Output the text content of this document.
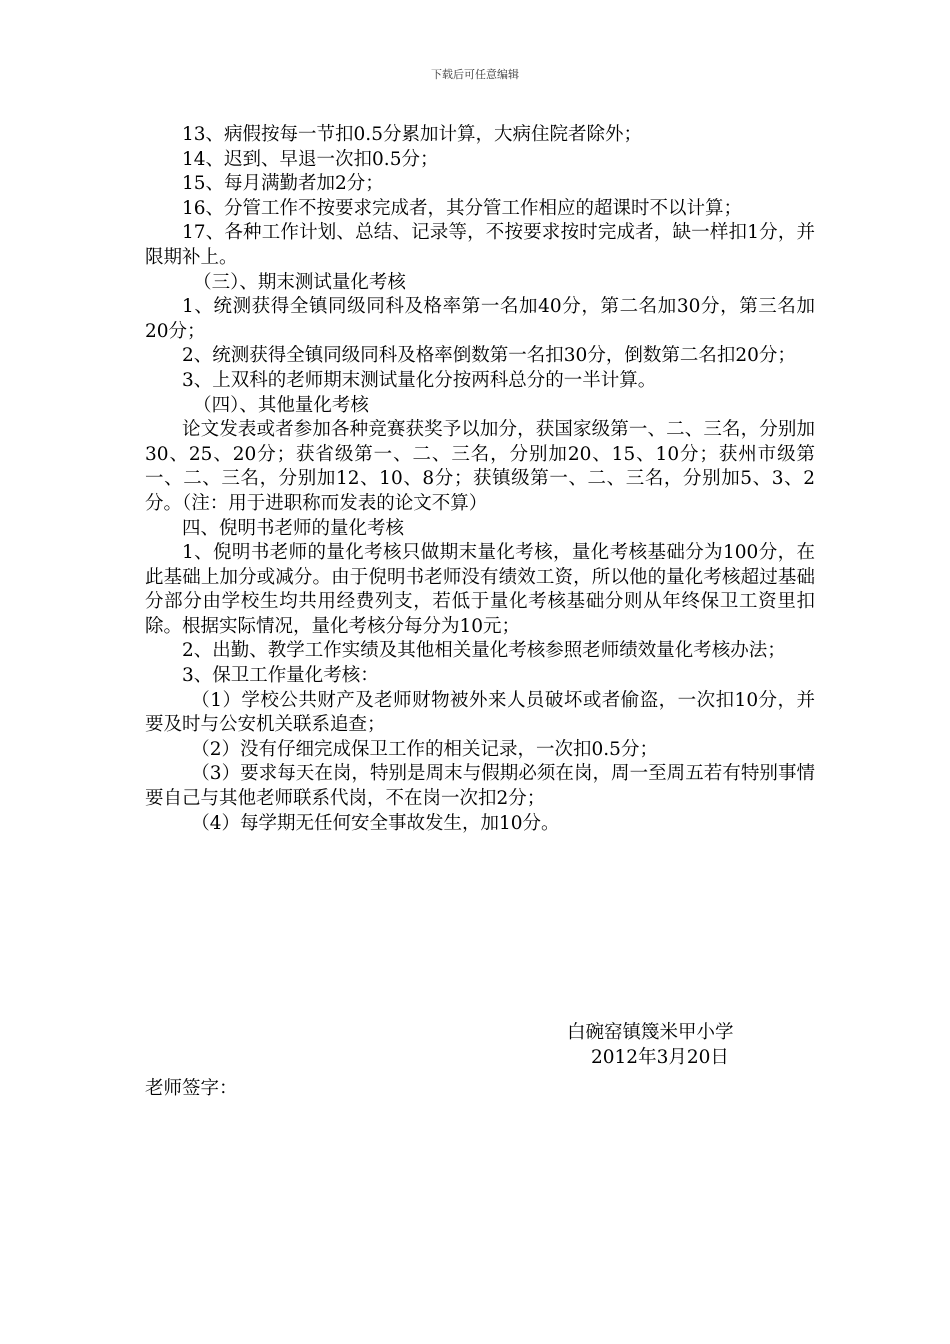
下载后可任意编辑

13、病假按每一节扣0.5分累加计算，大病住院者除外；

14、迟到、早退一次扣0.5分；

15、每月满勤者加2分；

16、分管工作不按要求完成者，其分管工作相应的超课时不以计算；

17、各种工作计划、总结、记录等，不按要求按时完成者，缺一样扣1分，并限期补上。

（三）、期末测试量化考核

1、统测获得全镇同级同科及格率第一名加40分，第二名加30分，第三名加20分；

2、统测获得全镇同级同科及格率倒数第一名扣30分，倒数第二名扣20分；

3、上双科的老师期末测试量化分按两科总分的一半计算。

（四）、其他量化考核

论文发表或者参加各种竞赛获奖予以加分，获国家级第一、二、三名，分别加30、25、20分；获省级第一、二、三名，分别加20、15、10分；获州市级第一、二、三名，分别加12、10、8分；获镇级第一、二、三名，分别加5、3、2分。（注：用于进职称而发表的论文不算）

四、倪明书老师的量化考核

1、倪明书老师的量化考核只做期末量化考核，量化考核基础分为100分，在此基础上加分或减分。由于倪明书老师没有绩效工资，所以他的量化考核超过基础分部分由学校生均共用经费列支，若低于量化考核基础分则从年终保卫工资里扣除。根据实际情况，量化考核分每分为10元；

2、出勤、教学工作实绩及其他相关量化考核参照老师绩效量化考核办法；

3、保卫工作量化考核：

（1）学校公共财产及老师财物被外来人员破坏或者偷盗，一次扣10分，并要及时与公安机关联系追查；

（2）没有仔细完成保卫工作的相关记录，一次扣0.5分；

（3）要求每天在岗，特别是周末与假期必须在岗，周一至周五若有特别事情要自己与其他老师联系代岗，不在岗一次扣2分；

（4）每学期无任何安全事故发生，加10分。

白碗窑镇篾米甲小学
2012年3月20日
老师签字：
